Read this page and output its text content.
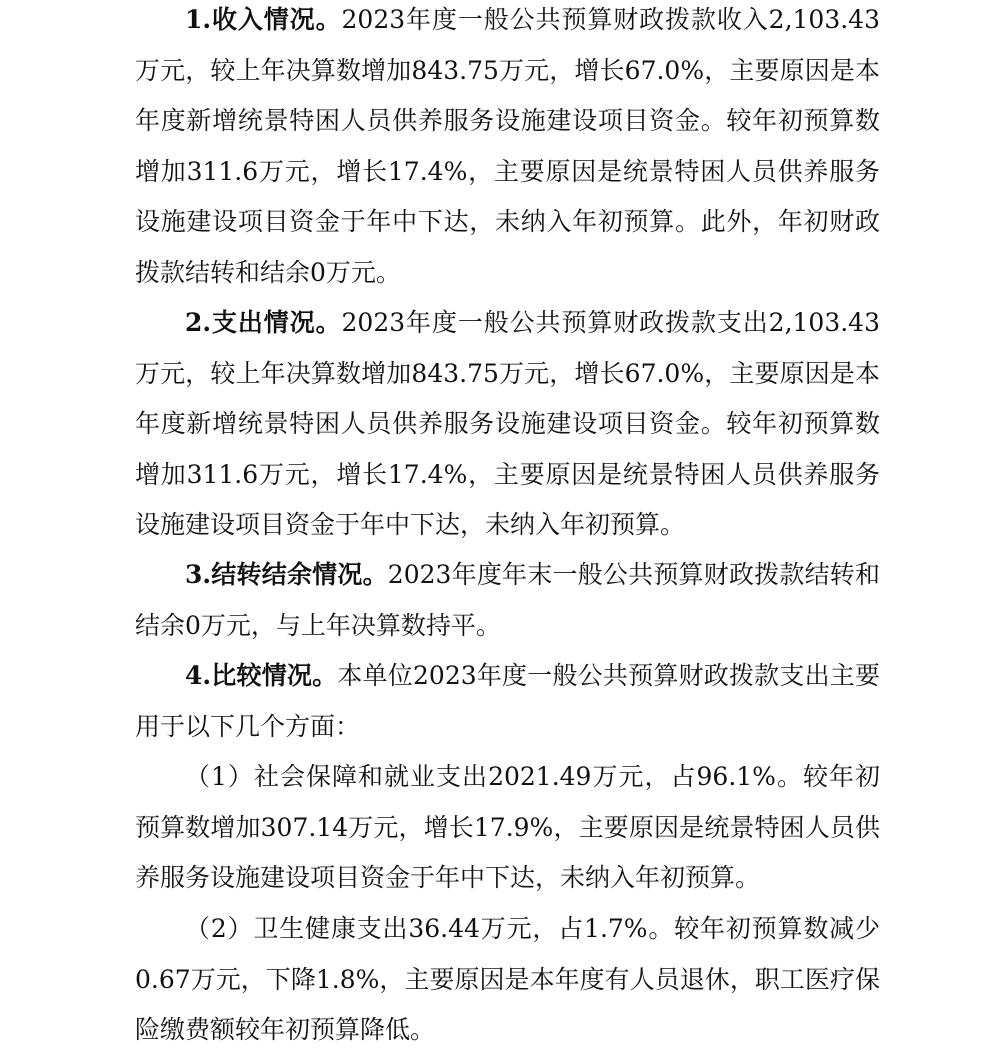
1.收入情况。2023年度一般公共预算财政拨款收入2,103.43万元，较上年决算数增加843.75万元，增长67.0%，主要原因是本年度新增统景特困人员供养服务设施建设项目资金。较年初预算数增加311.6万元，增长17.4%，主要原因是统景特困人员供养服务设施建设项目资金于年中下达，未纳入年初预算。此外，年初财政拨款结转和结余0万元。

2.支出情况。2023年度一般公共预算财政拨款支出2,103.43万元，较上年决算数增加843.75万元，增长67.0%，主要原因是本年度新增统景特困人员供养服务设施建设项目资金。较年初预算数增加311.6万元，增长17.4%，主要原因是统景特困人员供养服务设施建设项目资金于年中下达，未纳入年初预算。

3.结转结余情况。2023年度年末一般公共预算财政拨款结转和结余0万元，与上年决算数持平。

4.比较情况。本单位2023年度一般公共预算财政拨款支出主要用于以下几个方面：

（1）社会保障和就业支出2021.49万元，占96.1%。较年初预算数增加307.14万元，增长17.9%，主要原因是统景特困人员供养服务设施建设项目资金于年中下达，未纳入年初预算。

（2）卫生健康支出36.44万元，占1.7%。较年初预算数减少0.67万元，下降1.8%，主要原因是本年度有人员退休，职工医疗保险缴费额较年初预算降低。
